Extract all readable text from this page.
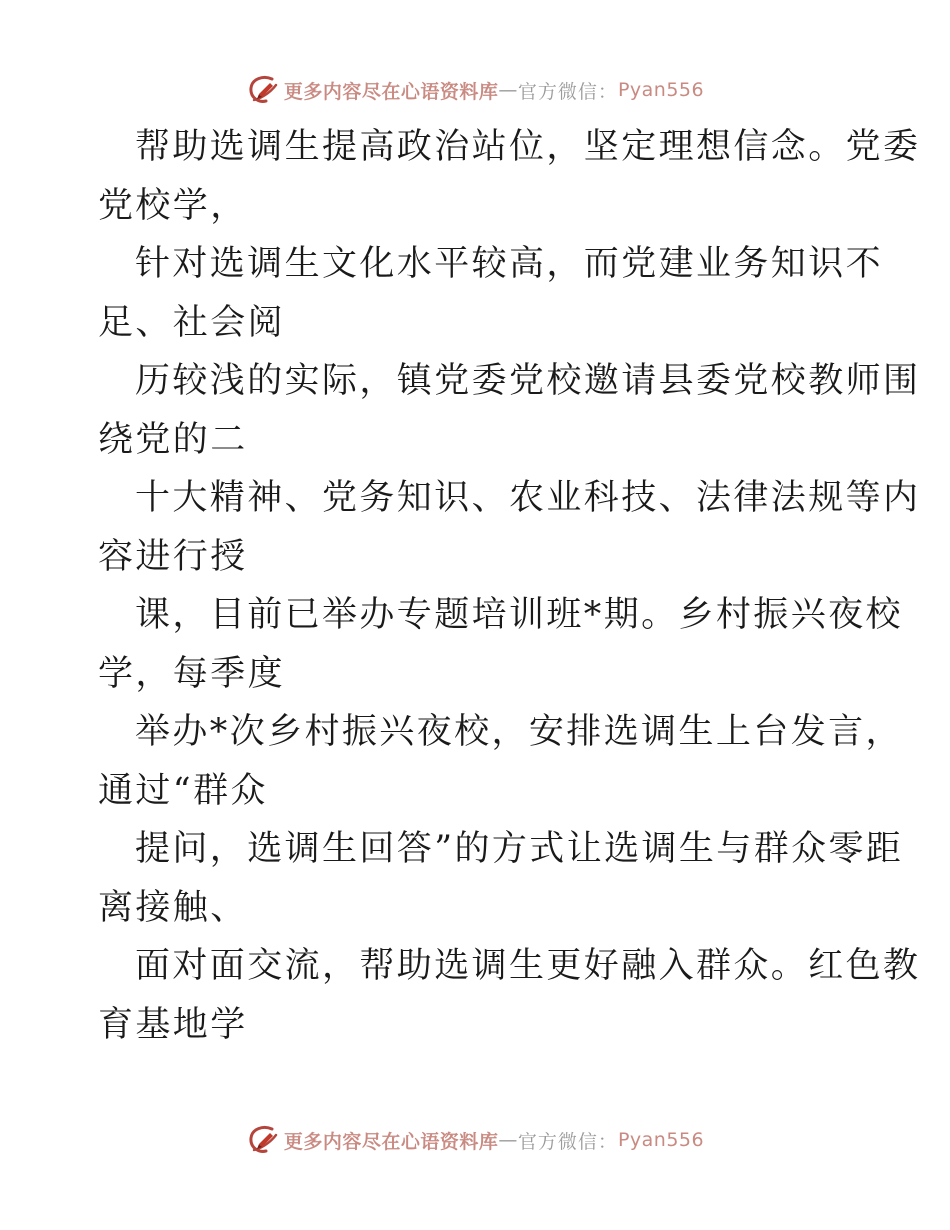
更多内容尽在心语资料库 — 官方微信： Pyan556

帮助选调生提高政治站位，坚定理想信念。党委
党校学，

针对选调生文化水平较高，而党建业务知识不
足、社会阅

历较浅的实际，镇党委党校邀请县委党校教师围
绕党的二

十大精神、党务知识、农业科技、法律法规等内
容进行授

课，目前已举办专题培训班*期。乡村振兴夜校
学，每季度

举办*次乡村振兴夜校，安排选调生上台发言，
通过“群众

提问，选调生回答”的方式让选调生与群众零距
离接触、

面对面交流，帮助选调生更好融入群众。红色教
育基地学

更多内容尽在心语资料库 — 官方微信： Pyan556
